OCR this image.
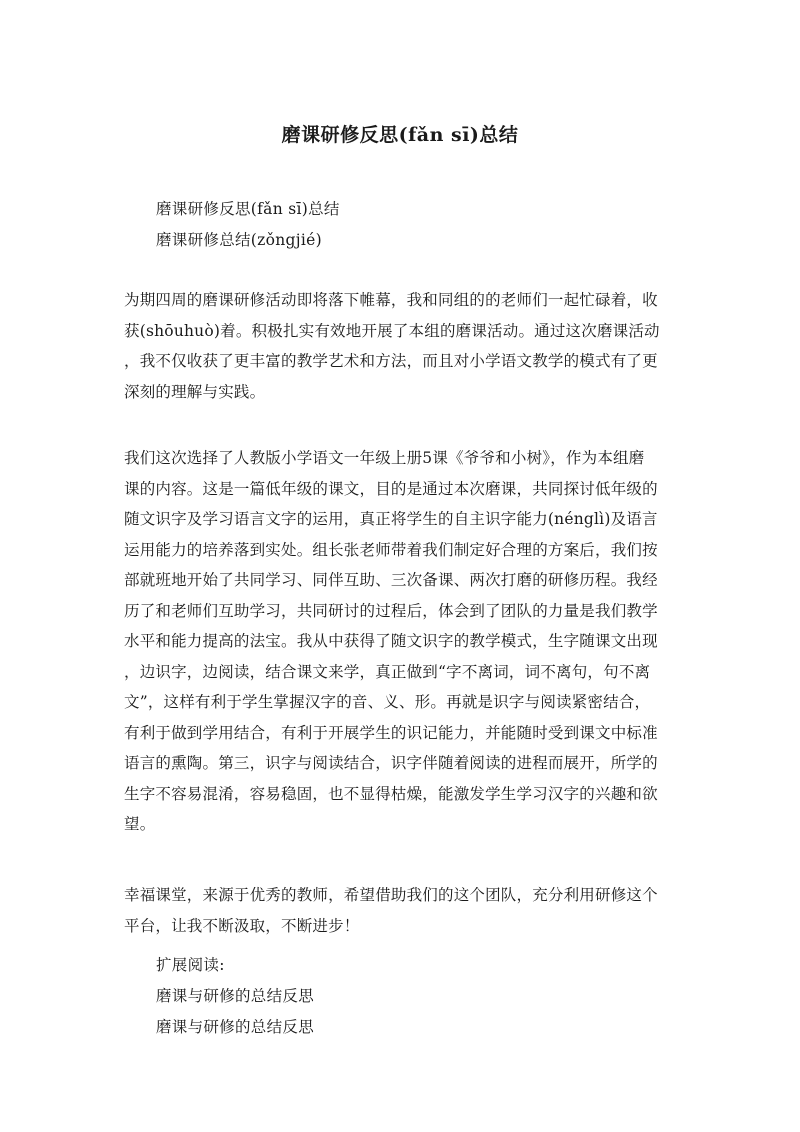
磨课研修反思(fǎn sī)总结
磨课研修反思(fǎn sī)总结
磨课研修总结(zǒngjié)

为期四周的磨课研修活动即将落下帷幕，我和同组的的老师们一起忙碌着，收

获(shōuhuò)着。积极扎实有效地开展了本组的磨课活动。通过这次磨课活动

，我不仅收获了更丰富的教学艺术和方法，而且对小学语文教学的模式有了更

深刻的理解与实践。

我们这次选择了人教版小学语文一年级上册5课《爷爷和小树》，作为本组磨

课的内容。这是一篇低年级的课文，目的是通过本次磨课，共同探讨低年级的

随文识字及学习语言文字的运用，真正将学生的自主识字能力(nénglì)及语言

运用能力的培养落到实处。组长张老师带着我们制定好合理的方案后，我们按

部就班地开始了共同学习、同伴互助、三次备课、两次打磨的研修历程。我经

历了和老师们互助学习，共同研讨的过程后，体会到了团队的力量是我们教学

水平和能力提高的法宝。我从中获得了随文识字的教学模式，生字随课文出现

，边识字，边阅读，结合课文来学，真正做到“字不离词，词不离句，句不离

文”，这样有利于学生掌握汉字的音、义、形。再就是识字与阅读紧密结合，

有利于做到学用结合，有利于开展学生的识记能力，并能随时受到课文中标准

语言的熏陶。第三，识字与阅读结合，识字伴随着阅读的进程而展开，所学的

生字不容易混淆，容易稳固，也不显得枯燥，能激发学生学习汉字的兴趣和欲

望。

幸福课堂，来源于优秀的教师，希望借助我们的这个团队，充分利用研修这个

平台，让我不断汲取，不断进步！

扩展阅读:
磨课与研修的总结反思
磨课与研修的总结反思
